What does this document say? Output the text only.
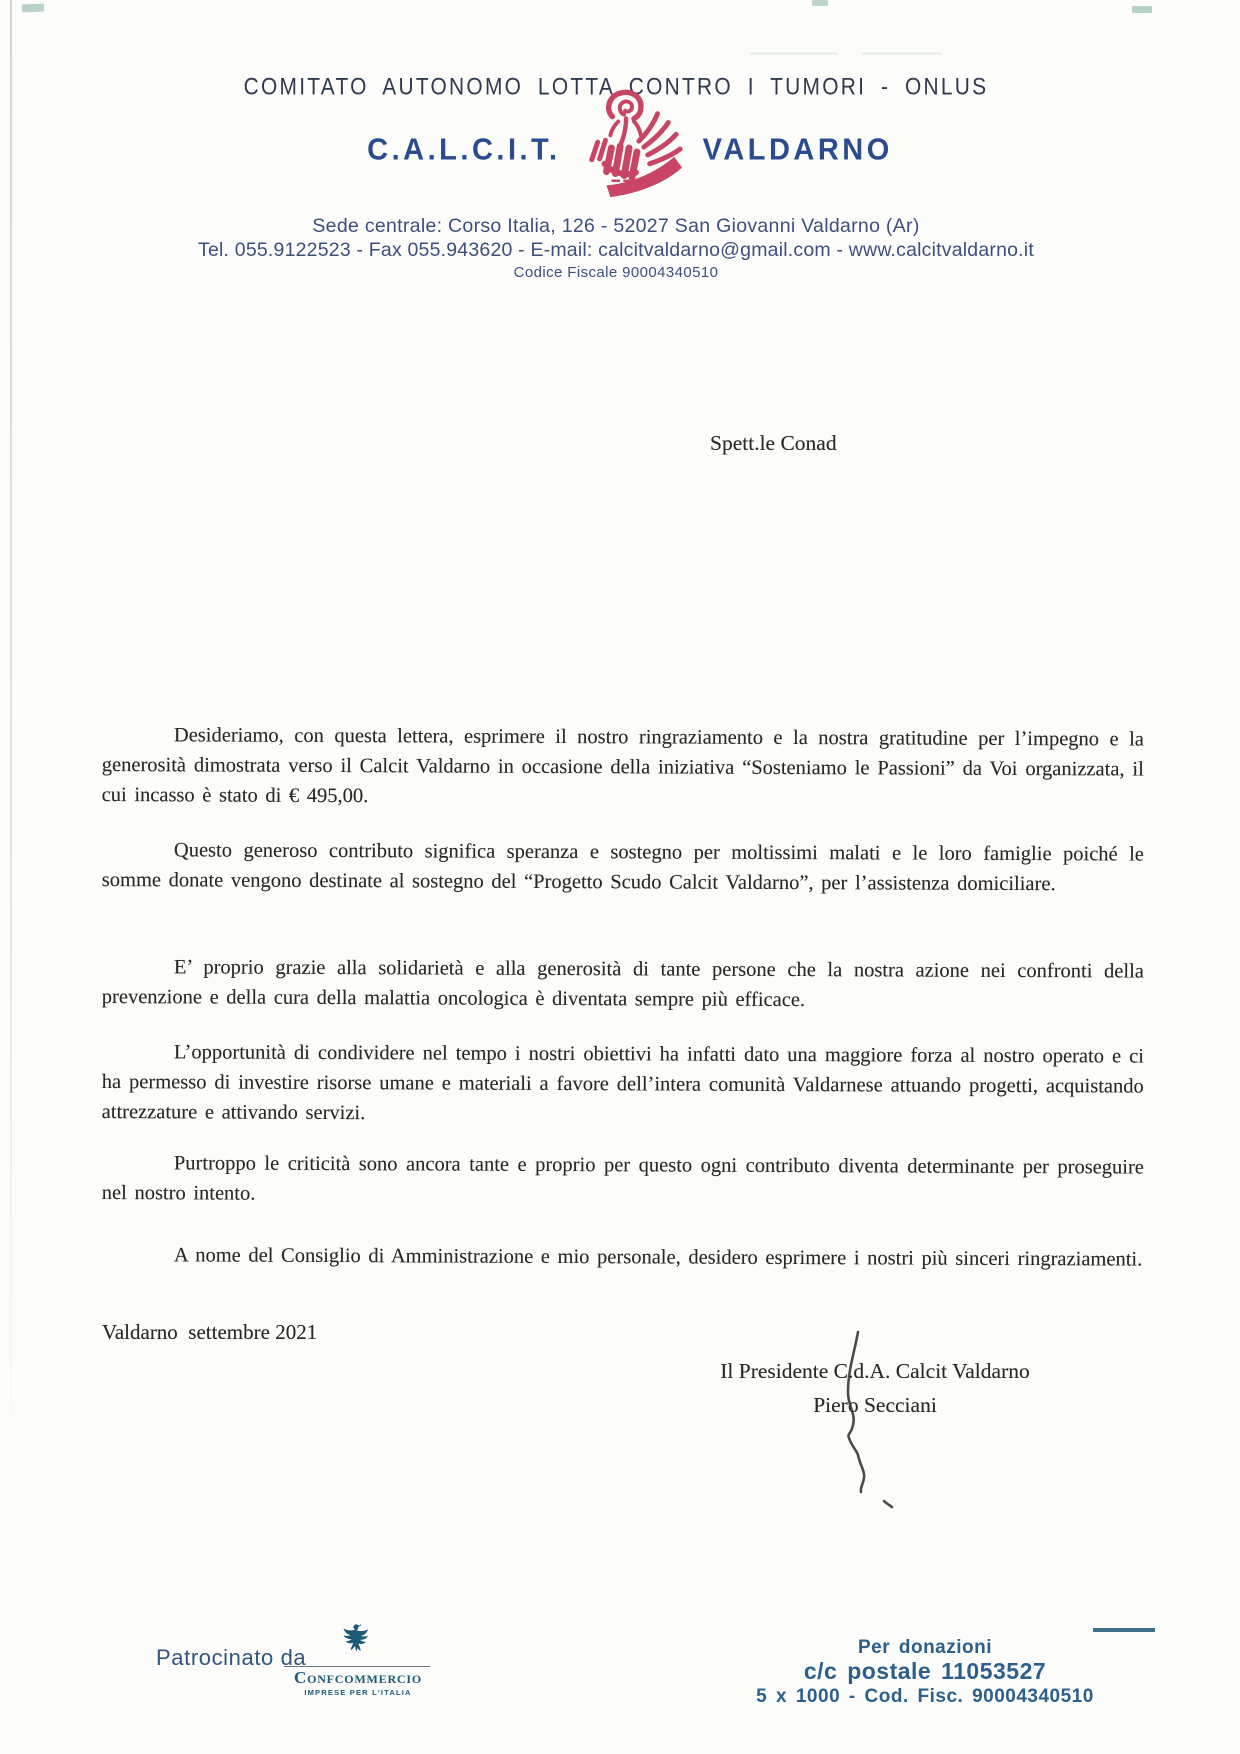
COMITATO AUTONOMO LOTTA CONTRO I TUMORI - ONLUS
C.A.L.C.I.T.	VALDARNO
Sede centrale: Corso Italia, 126 - 52027 San Giovanni Valdarno (Ar)
Tel. 055.9122523 - Fax 055.943620 - E-mail: calcitvaldarno@gmail.com - www.calcitvaldarno.it
Codice Fiscale 90004340510
Spett.le Conad

Desideriamo, con questa lettera, esprimere il nostro ringraziamento e la nostra gratitudine per l’impegno e la generosità dimostrata verso il Calcit Valdarno in occasione della iniziativa “Sosteniamo le Passioni” da Voi organizzata, il cui incasso è stato di € 495,00.

Questo generoso contributo significa speranza e sostegno per moltissimi malati e le loro famiglie poiché le somme donate vengono destinate al sostegno del “Progetto Scudo Calcit Valdarno”, per l’assistenza domiciliare.

E’ proprio grazie alla solidarietà e alla generosità di tante persone che la nostra azione nei confronti della prevenzione e della cura della malattia oncologica è diventata sempre più efficace.

L’opportunità di condividere nel tempo i nostri obiettivi ha infatti dato una maggiore forza al nostro operato e ci ha permesso di investire risorse umane e materiali a favore dell’intera comunità Valdarnese attuando progetti, acquistando attrezzature e attivando servizi.

Purtroppo le criticità sono ancora tante e proprio per questo ogni contributo diventa determinante per proseguire nel nostro intento.

A nome del Consiglio di Amministrazione e mio personale, desidero esprimere i nostri più sinceri ringraziamenti.

Valdarno  settembre 2021
Il Presidente C.d.A. Calcit Valdarno
Piero Secciani
Patrocinato da
Confcommercio
IMPRESE PER L'ITALIA
Per donazioni
c/c postale 11053527
5 x 1000 - Cod. Fisc. 90004340510
